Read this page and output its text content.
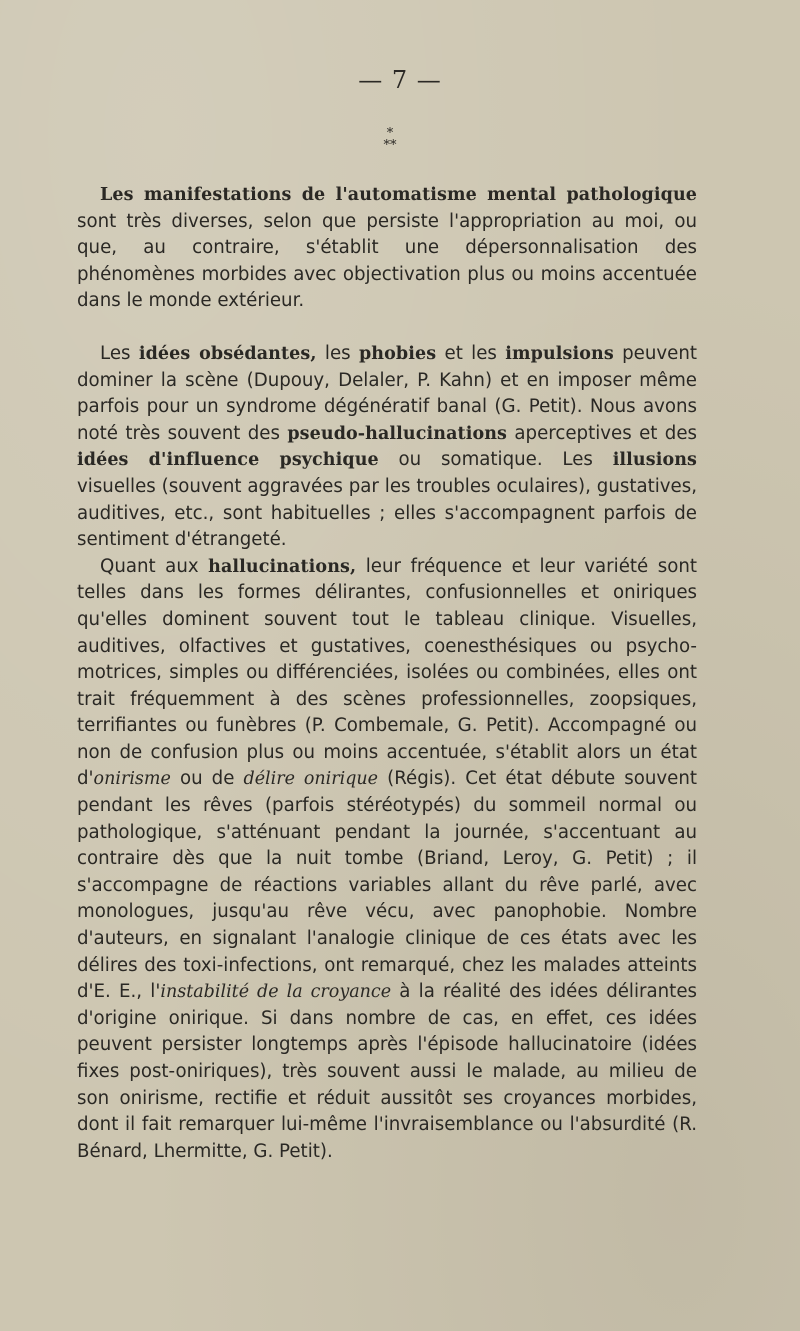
— 7 —
*
**

Les manifestations de l'automatisme mental pathologique sont très diverses, selon que persiste l'appropriation au moi, ou que, au contraire, s'établit une dépersonnalisation des phénomènes morbides avec objectivation plus ou moins accentuée dans le monde extérieur.

Les idées obsédantes, les phobies et les impulsions peuvent dominer la scène (Dupouy, Delaler, P. Kahn) et en imposer même parfois pour un syndrome dégénératif banal (G. Petit). Nous avons noté très souvent des pseudo-hallucinations aperceptives et des idées d'influence psychique ou somatique. Les illusions visuelles (souvent aggravées par les troubles oculaires), gustatives, auditives, etc., sont habituelles ; elles s'accompagnent parfois de sentiment d'étrangeté.

Quant aux hallucinations, leur fréquence et leur variété sont telles dans les formes délirantes, confusionnelles et oniriques qu'elles dominent souvent tout le tableau clinique. Visuelles, auditives, olfactives et gustatives, coenesthésiques ou psycho-motrices, simples ou différenciées, isolées ou combinées, elles ont trait fréquemment à des scènes professionnelles, zoopsiques, terrifiantes ou funèbres (P. Combemale, G. Petit). Accompagné ou non de confusion plus ou moins accentuée, s'établit alors un état d'onirisme ou de délire onirique (Régis). Cet état débute souvent pendant les rêves (parfois stéréotypés) du sommeil normal ou pathologique, s'atténuant pendant la journée, s'accentuant au contraire dès que la nuit tombe (Briand, Leroy, G. Petit) ; il s'accompagne de réactions variables allant du rêve parlé, avec monologues, jusqu'au rêve vécu, avec panophobie. Nombre d'auteurs, en signalant l'analogie clinique de ces états avec les délires des toxi-infections, ont remarqué, chez les malades atteints d'E. E., l'instabilité de la croyance à la réalité des idées délirantes d'origine onirique. Si dans nombre de cas, en effet, ces idées peuvent persister longtemps après l'épisode hallucinatoire (idées fixes post-oniriques), très souvent aussi le malade, au milieu de son onirisme, rectifie et réduit aussitôt ses croyances morbides, dont il fait remarquer lui-même l'invraisemblance ou l'absurdité (R. Bénard, Lhermitte, G. Petit).
